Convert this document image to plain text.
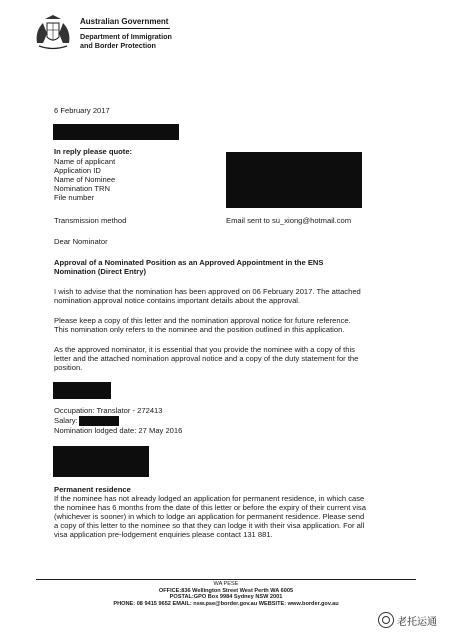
Australian Government
Department of Immigration
and Border Protection
6 February 2017
In reply please quote:
Name of applicant
Application ID
Name of Nominee
Nomination TRN
File number
Transmission method	Email sent to su_xiong@hotmail.com
Dear Nominator
Approval of a Nominated Position as an Approved Appointment in the ENS
Nomination (Direct Entry)
I wish to advise that the nomination has been approved on 06 February 2017. The attached
nomination approval notice contains important details about the approval.
Please keep a copy of this letter and the nomination approval notice for future reference.
This nomination only refers to the nominee and the position outlined in this application.
As the approved nominator, it is essential that you provide the nominee with a copy of this
letter and the attached nomination approval notice and a copy of the duty statement for the
position.
Occupation: Translator - 272413
Salary:
Nomination lodged date: 27 May 2016
Permanent residence
If the nominee has not already lodged an application for permanent residence, in which case
the nominee has 6 months from the date of this letter or before the expiry of their current visa
(whichever is sooner) in which to lodge an application for permanent residence. Please send
a copy of this letter to the nominee so that they can lodge it with their visa application. For all
visa application pre-lodgement enquiries please contact 131 881.
WA PESE
OFFICE:836 Wellington Street West Perth WA 6005
POSTAL:GPO Box 9984 Sydney NSW 2001
PHONE: 08 9415 9652 EMAIL: nsw.pse@border.gov.au WEBSITE: www.border.gov.au
老托运通
